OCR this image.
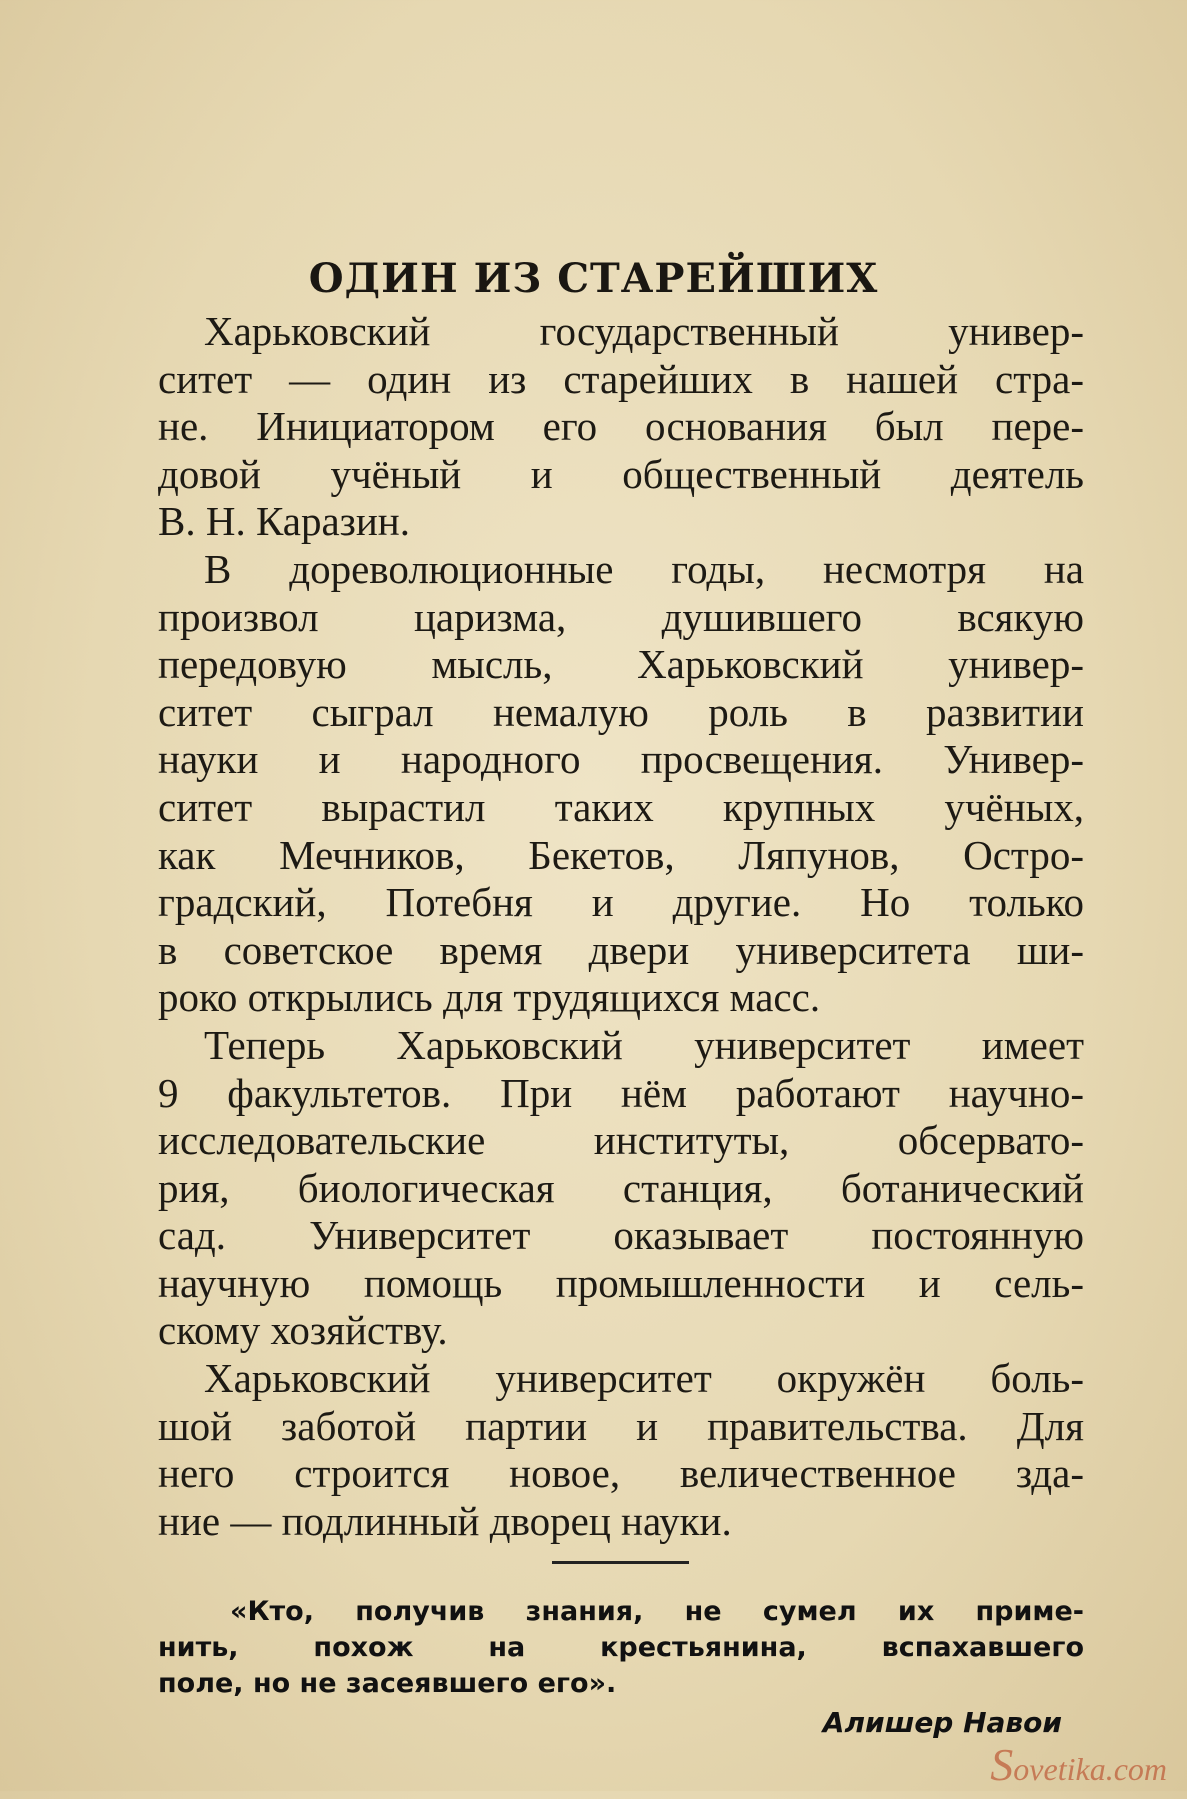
ОДИН ИЗ СТАРЕЙШИХ
Харьковский государственный универ-
ситет — один из старейших в нашей стра-
не. Инициатором его основания был пере-
довой учёный и общественный деятель
В. Н. Каразин.
В дореволюционные годы, несмотря на
произвол царизма, душившего всякую
передовую мысль, Харьковский универ-
ситет сыграл немалую роль в развитии
науки и народного просвещения. Универ-
ситет вырастил таких крупных учёных,
как Мечников, Бекетов, Ляпунов, Остро-
градский, Потебня и другие. Но только
в советское время двери университета ши-
роко открылись для трудящихся масс.
Теперь Харьковский университет имеет
9 факультетов. При нём работают научно-
исследовательские институты, обсервато-
рия, биологическая станция, ботанический
сад. Университет оказывает постоянную
научную помощь промышленности и сель-
скому хозяйству.
Харьковский университет окружён боль-
шой заботой партии и правительства. Для
него строится новое, величественное зда-
ние — подлинный дворец науки.
«Кто, получив знания, не сумел их приме-
нить, похож на крестьянина, вспахавшего
поле, но не засеявшего его».
Алишер Навои
Sovetika.com
